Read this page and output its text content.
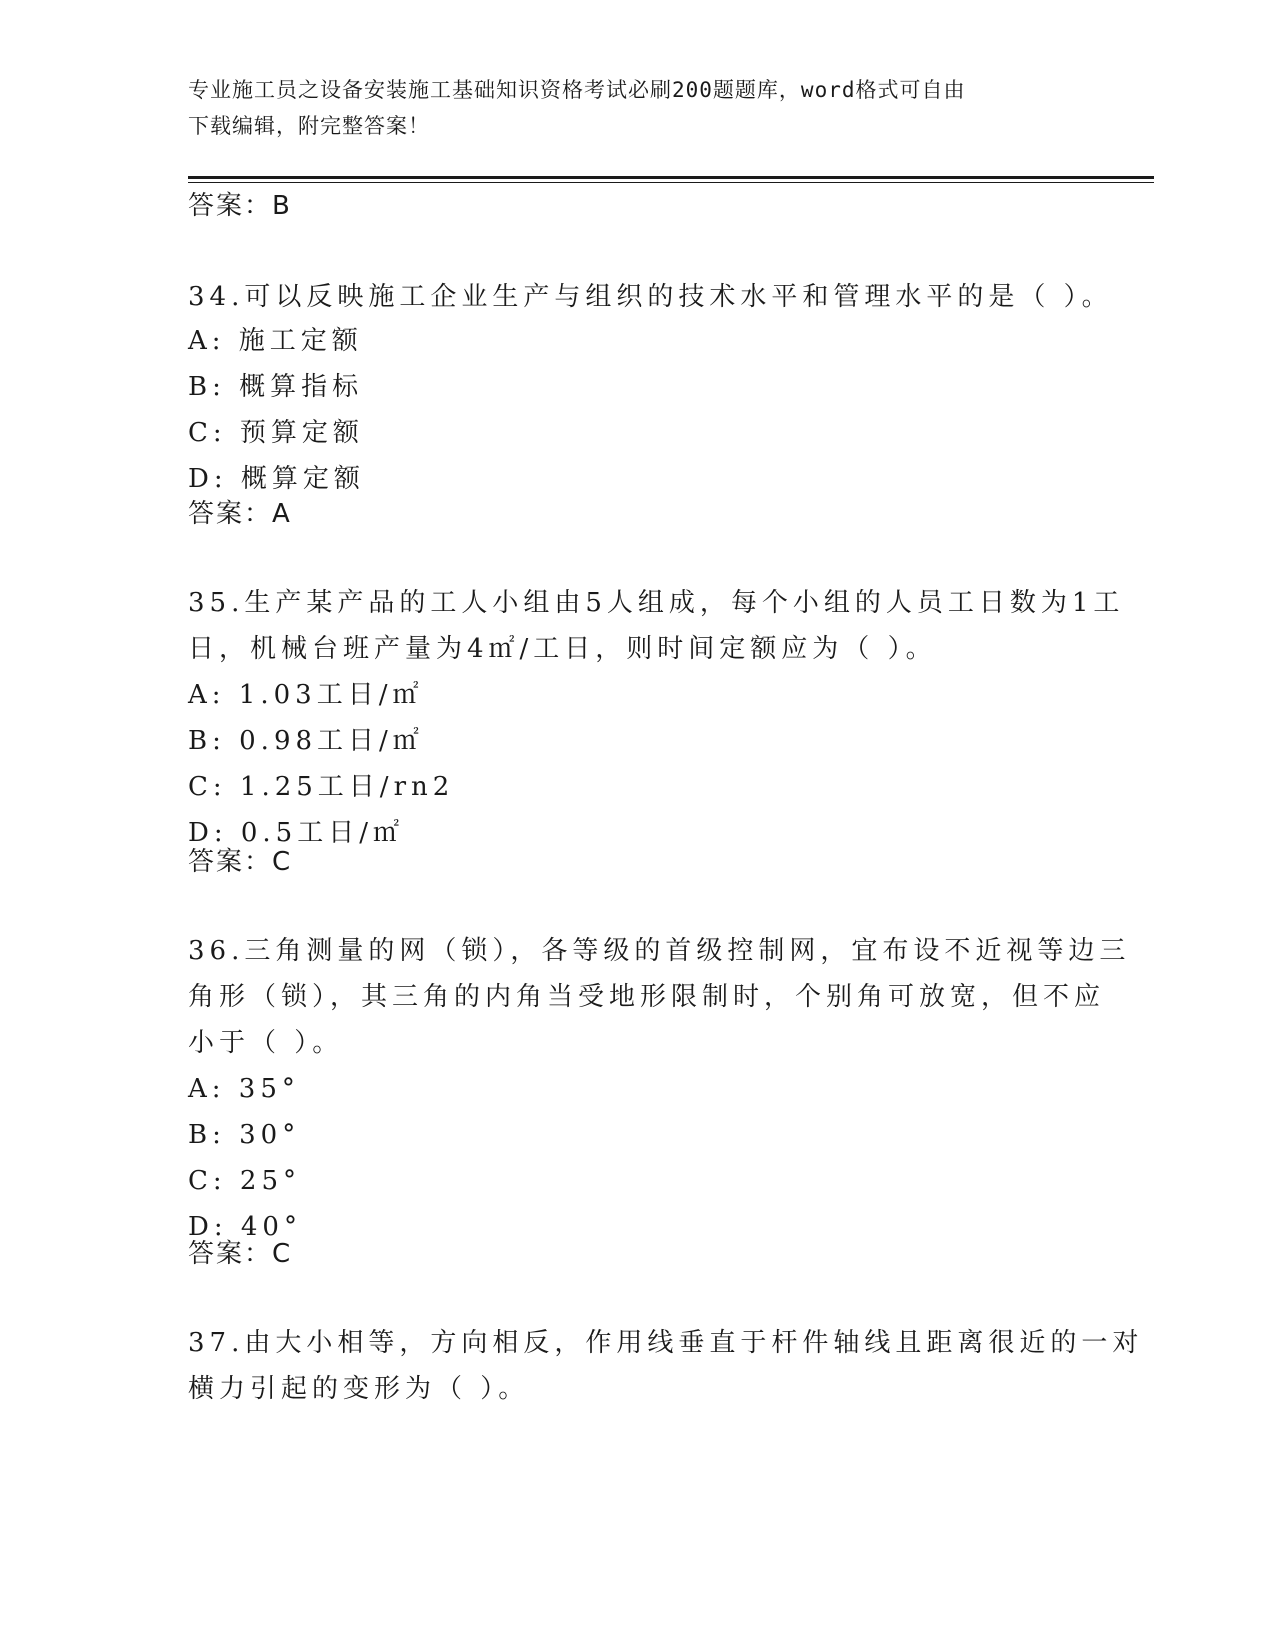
专业施工员之设备安装施工基础知识资格考试必刷200题题库，word格式可自由
下载编辑，附完整答案！
答案：B
34.可以反映施工企业生产与组织的技术水平和管理水平的是（ ）。
A: 施工定额
B: 概算指标
C: 预算定额
D: 概算定额
答案：A
35.生产某产品的工人小组由5人组成，每个小组的人员工日数为1工
日，机械台班产量为4㎡/工日，则时间定额应为（ ）。
A: 1.03工日/㎡
B: 0.98工日/㎡
C: 1.25工日/rn2
D: 0.5工日/㎡
答案：C
36.三角测量的网（锁），各等级的首级控制网，宜布设不近视等边三
角形（锁），其三角的内角当受地形限制时，个别角可放宽，但不应
小于（ ）。
A: 35°
B: 30°
C: 25°
D: 40°
答案：C
37.由大小相等，方向相反，作用线垂直于杆件轴线且距离很近的一对
横力引起的变形为（ ）。
